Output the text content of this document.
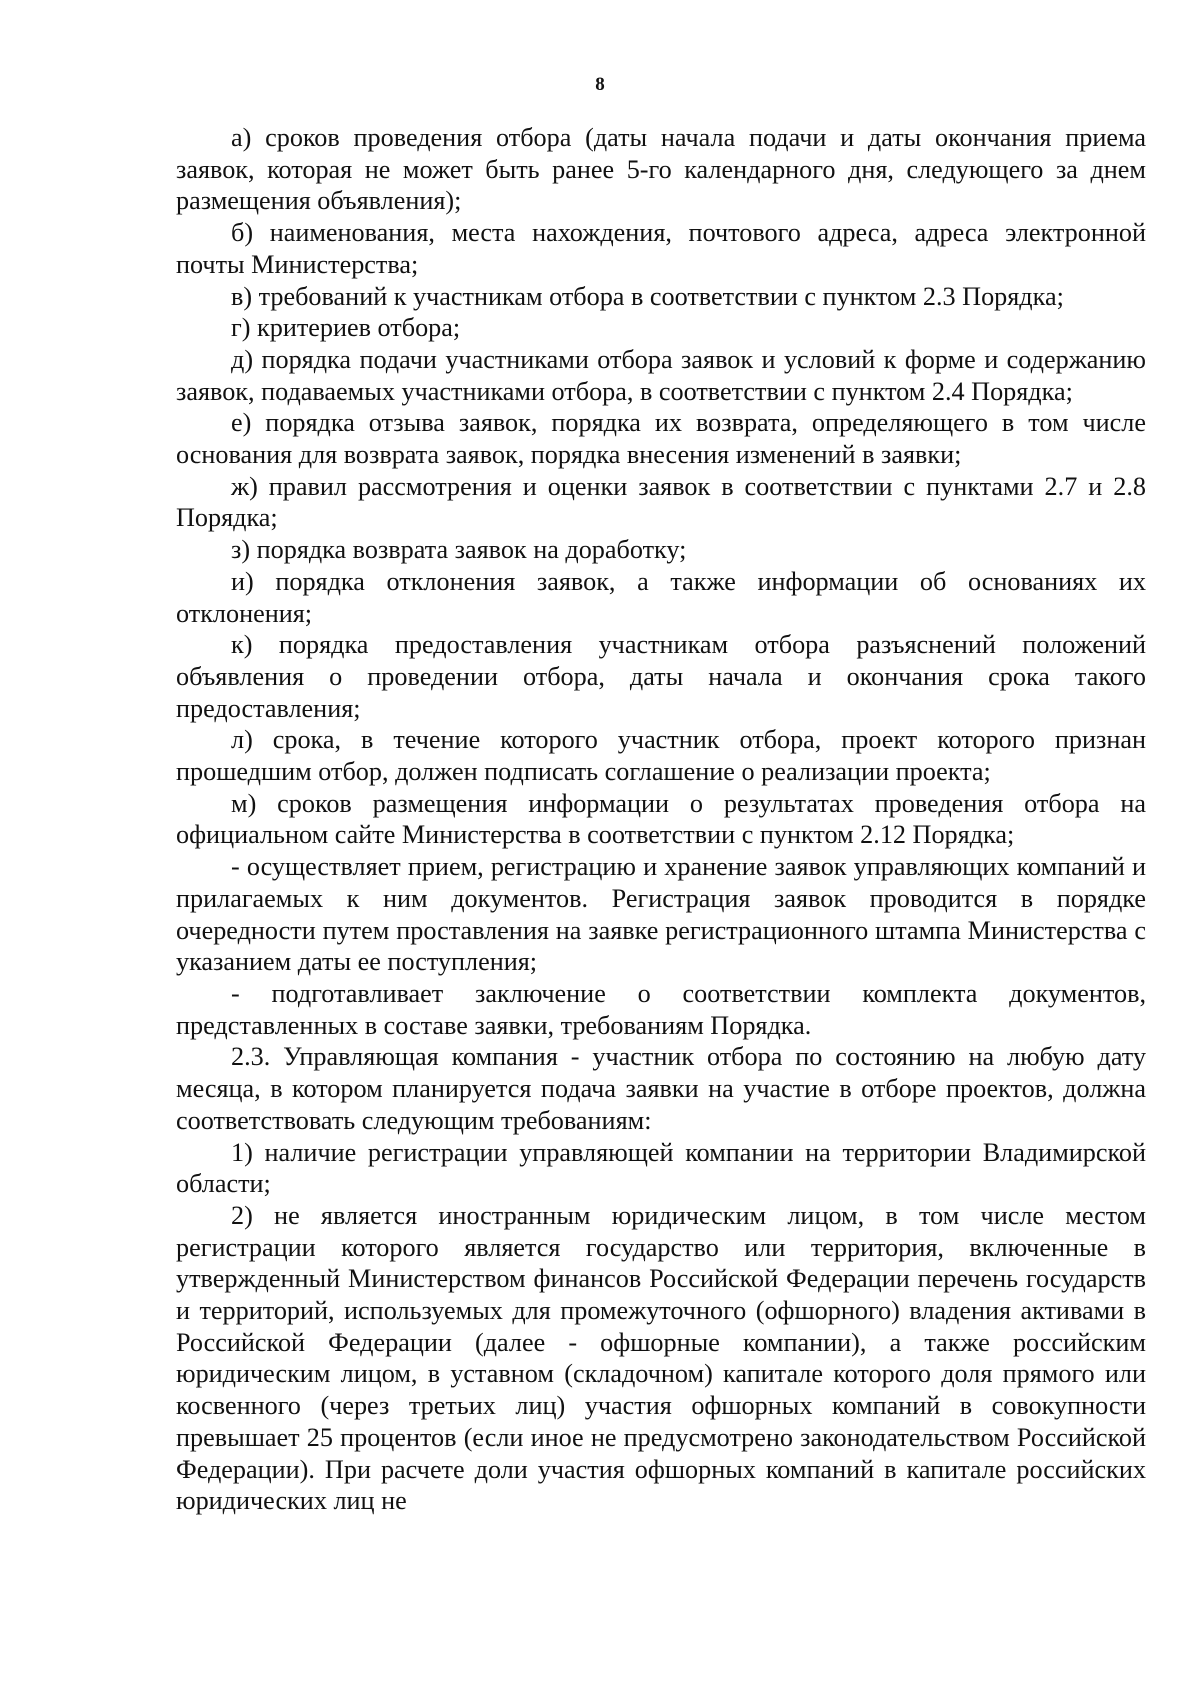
8

а) сроков проведения отбора (даты начала подачи и даты окончания приема заявок, которая не может быть ранее 5-го календарного дня, следующего за днем размещения объявления);

б) наименования, места нахождения, почтового адреса, адреса электронной почты Министерства;

в) требований к участникам отбора в соответствии с пунктом 2.3 Порядка;

г) критериев отбора;

д) порядка подачи участниками отбора заявок и условий к форме и содержанию заявок, подаваемых участниками отбора, в соответствии с пунктом 2.4 Порядка;

е) порядка отзыва заявок, порядка их возврата, определяющего в том числе основания для возврата заявок, порядка внесения изменений в заявки;

ж) правил рассмотрения и оценки заявок в соответствии с пунктами 2.7 и 2.8 Порядка;

з) порядка возврата заявок на доработку;

и) порядка отклонения заявок, а также информации об основаниях их отклонения;

к) порядка предоставления участникам отбора разъяснений положений объявления о проведении отбора, даты начала и окончания срока такого предоставления;

л) срока, в течение которого участник отбора, проект которого признан прошедшим отбор, должен подписать соглашение о реализации проекта;

м) сроков размещения информации о результатах проведения отбора на официальном сайте Министерства в соответствии с пунктом 2.12 Порядка;

- осуществляет прием, регистрацию и хранение заявок управляющих компаний и прилагаемых к ним документов. Регистрация заявок проводится в порядке очередности путем проставления на заявке регистрационного штампа Министерства с указанием даты ее поступления;

- подготавливает заключение о соответствии комплекта документов, представленных в составе заявки, требованиям Порядка.

2.3. Управляющая компания - участник отбора по состоянию на любую дату месяца, в котором планируется подача заявки на участие в отборе проектов, должна соответствовать следующим требованиям:

1) наличие регистрации управляющей компании на территории Владимирской области;

2) не является иностранным юридическим лицом, в том числе местом регистрации которого является государство или территория, включенные в утвержденный Министерством финансов Российской Федерации перечень государств и территорий, используемых для промежуточного (офшорного) владения активами в Российской Федерации (далее - офшорные компании), а также российским юридическим лицом, в уставном (складочном) капитале которого доля прямого или косвенного (через третьих лиц) участия офшорных компаний в совокупности превышает 25 процентов (если иное не предусмотрено законодательством Российской Федерации). При расчете доли участия офшорных компаний в капитале российских юридических лиц не
